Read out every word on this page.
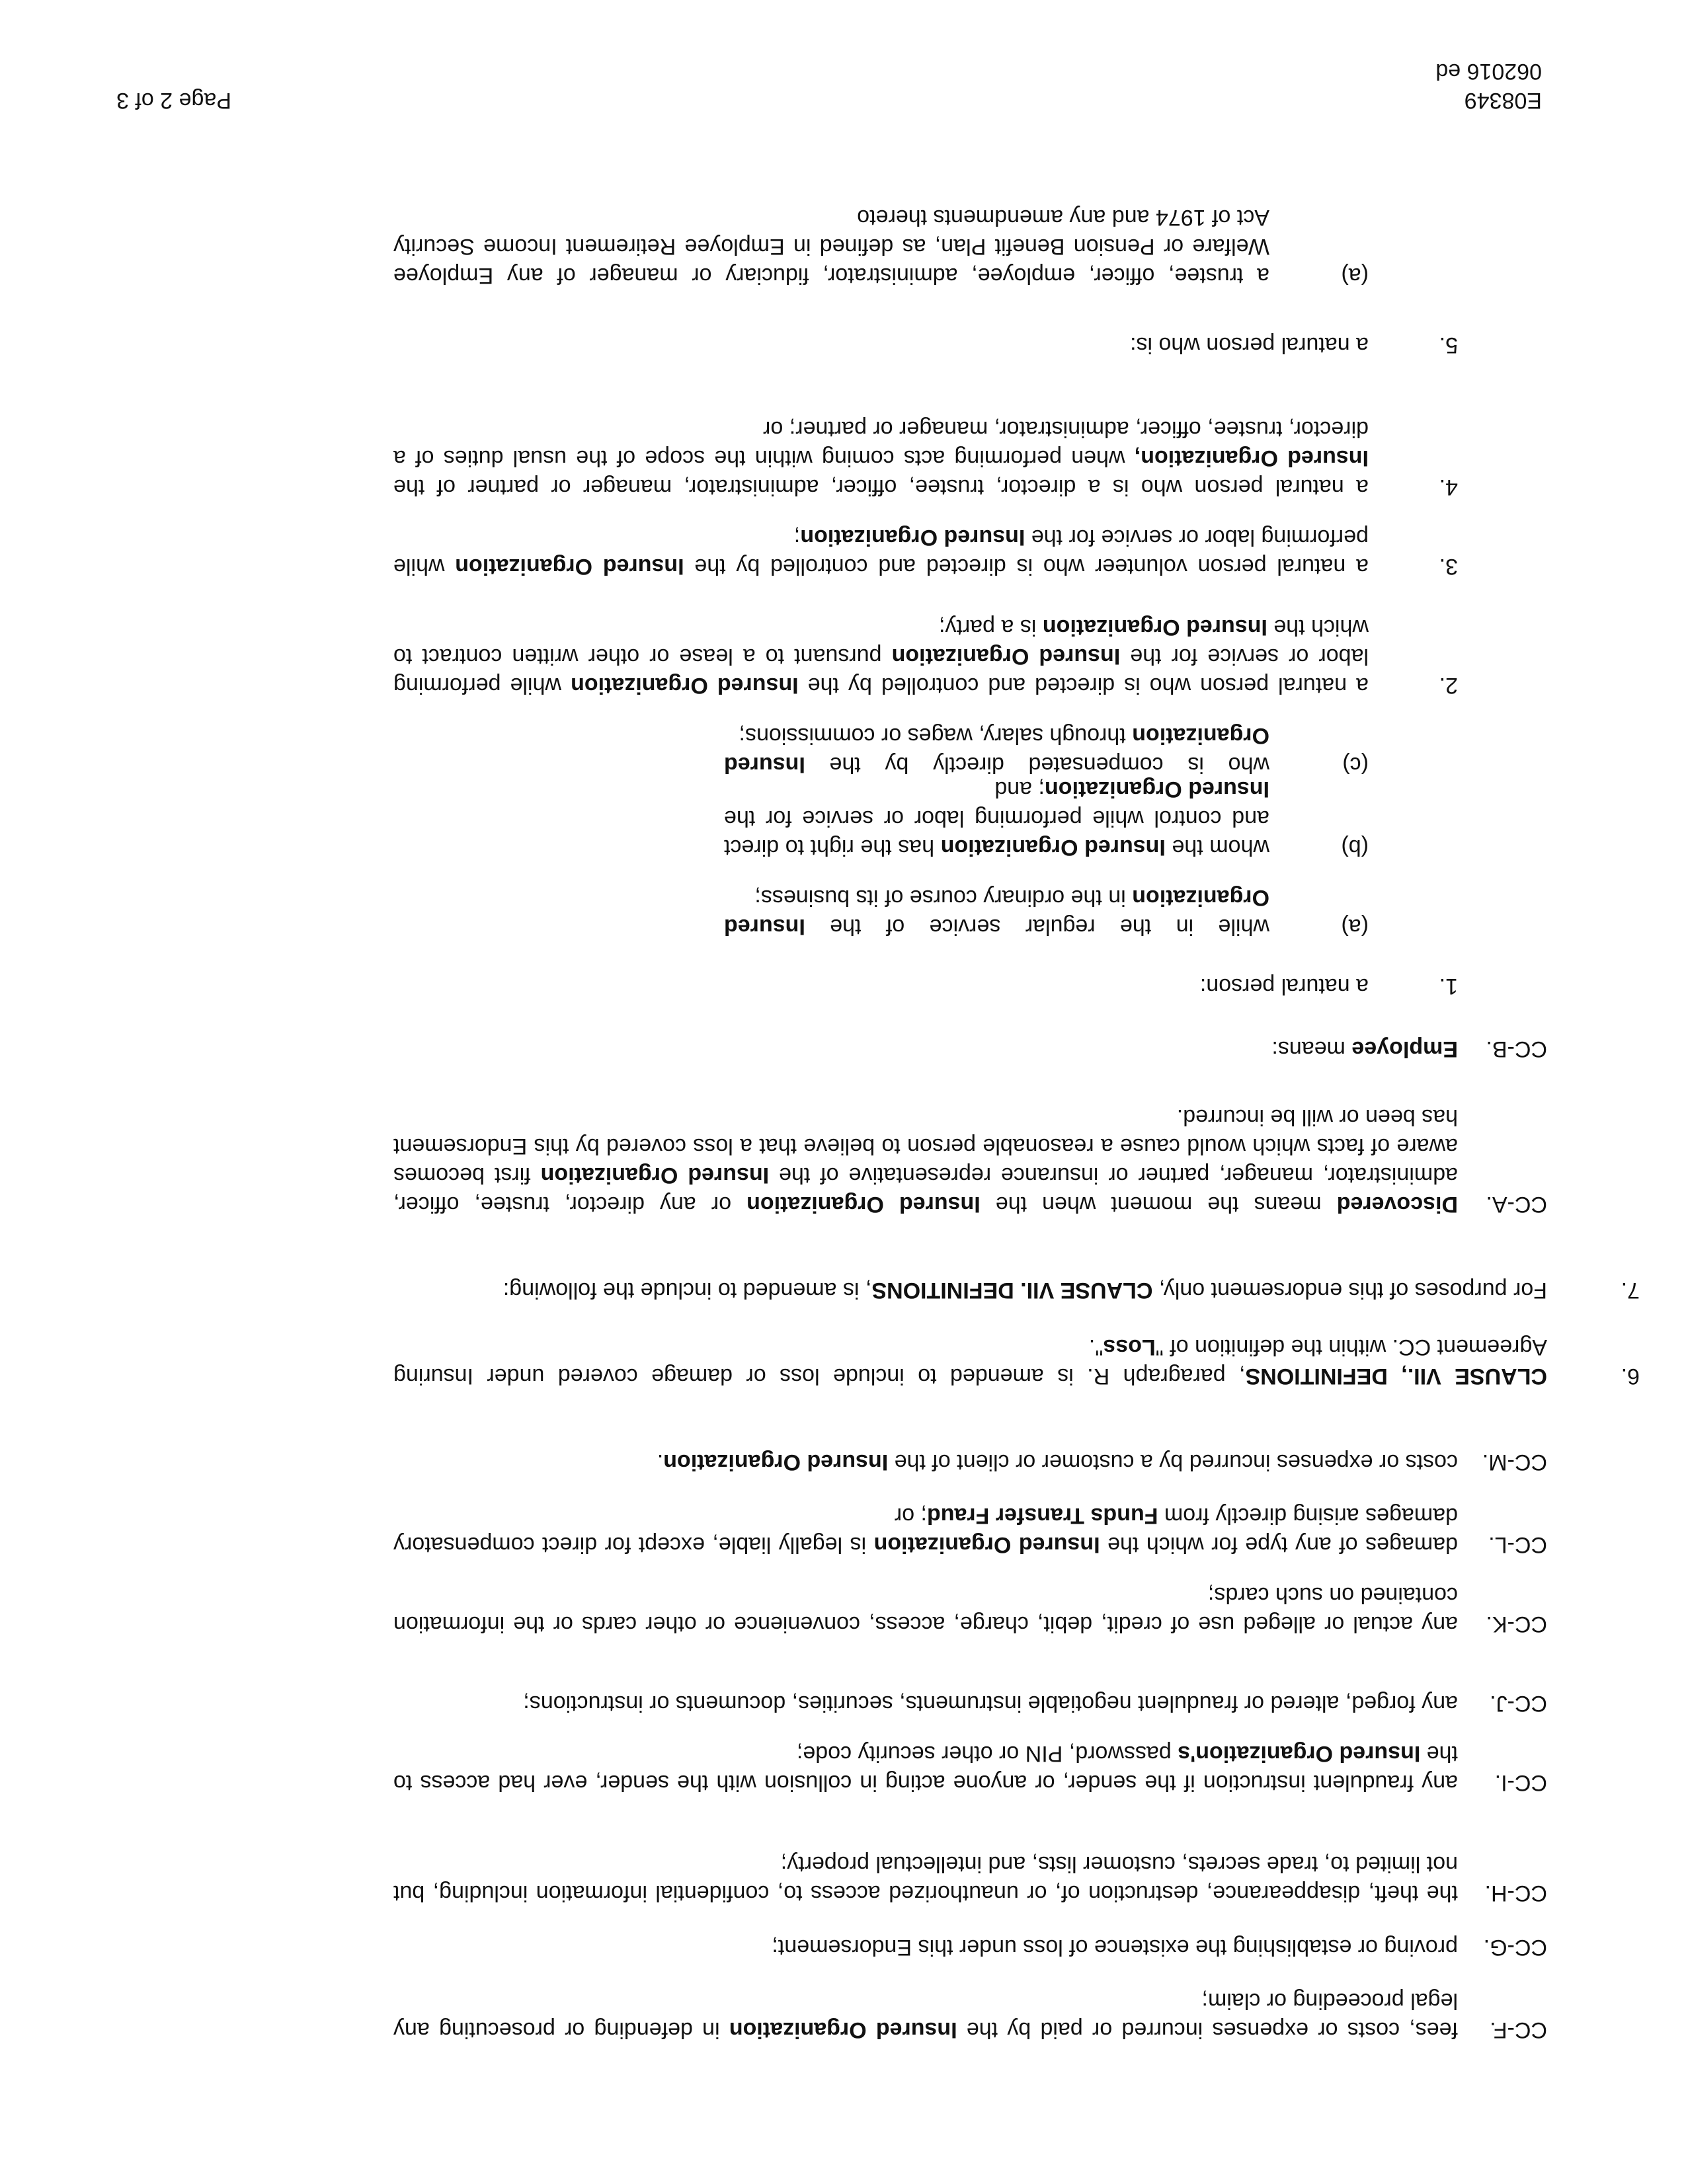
CC-F.
fees, costs or expenses incurred or paid by the Insured Organization in defending or prosecuting any legal proceeding or claim;
CC-G.
proving or establishing the existence of loss under this Endorsement;
CC-H.
the theft, disappearance, destruction of, or unauthorized access to, confidential information including, but not limited to, trade secrets, customer lists, and intellectual property;
CC-I.
any fraudulent instruction if the sender, or anyone acting in collusion with the sender, ever had access to the Insured Organization's password, PIN or other security code;
CC-J.
any forged, altered or fraudulent negotiable instruments, securities, documents or instructions;
CC-K.
any actual or alleged use of credit, debit, charge, access, convenience or other cards or the information contained on such cards;
CC-L.
damages of any type for which the Insured Organization is legally liable, except for direct compensatory damages arising directly from Funds Transfer Fraud; or
CC-M.
costs or expenses incurred by a customer or client of the Insured Organization.
6.
CLAUSE VII., DEFINITIONS, paragraph R. is amended to include loss or damage covered under Insuring Agreement CC. within the definition of "Loss".
7.
For purposes of this endorsement only, CLAUSE VII. DEFINITIONS, is amended to include the following:
CC-A.
Discovered means the moment when the Insured Organization or any director, trustee, officer, administrator, manager, partner or insurance representative of the Insured Organization first becomes aware of facts which would cause a reasonable person to believe that a loss covered by this Endorsement has been or will be incurred.
CC-B.
Employee means:
1.
a natural person:
(a)
while in the regular service of the Insured Organization in the ordinary course of its business;
(b)
whom the Insured Organization has the right to direct and control while performing labor or service for the Insured Organization; and
(c)
who is compensated directly by the Insured Organization through salary, wages or commissions;
2.
a natural person who is directed and controlled by the Insured Organization while performing labor or service for the Insured Organization pursuant to a lease or other written contract to which the Insured Organization is a party;
3.
a natural person volunteer who is directed and controlled by the Insured Organization while performing labor or service for the Insured Organization;
4.
a natural person who is a director, trustee, officer, administrator, manager or partner of the Insured Organization, when performing acts coming within the scope of the usual duties of a director, trustee, officer, administrator, manager or partner; or
5.
a natural person who is:
(a)
a trustee, officer, employee, administrator, fiduciary or manager of any Employee Welfare or Pension Benefit Plan, as defined in Employee Retirement Income Security Act of 1974 and any amendments thereto
E08349
062016 ed
Page 2 of 3
